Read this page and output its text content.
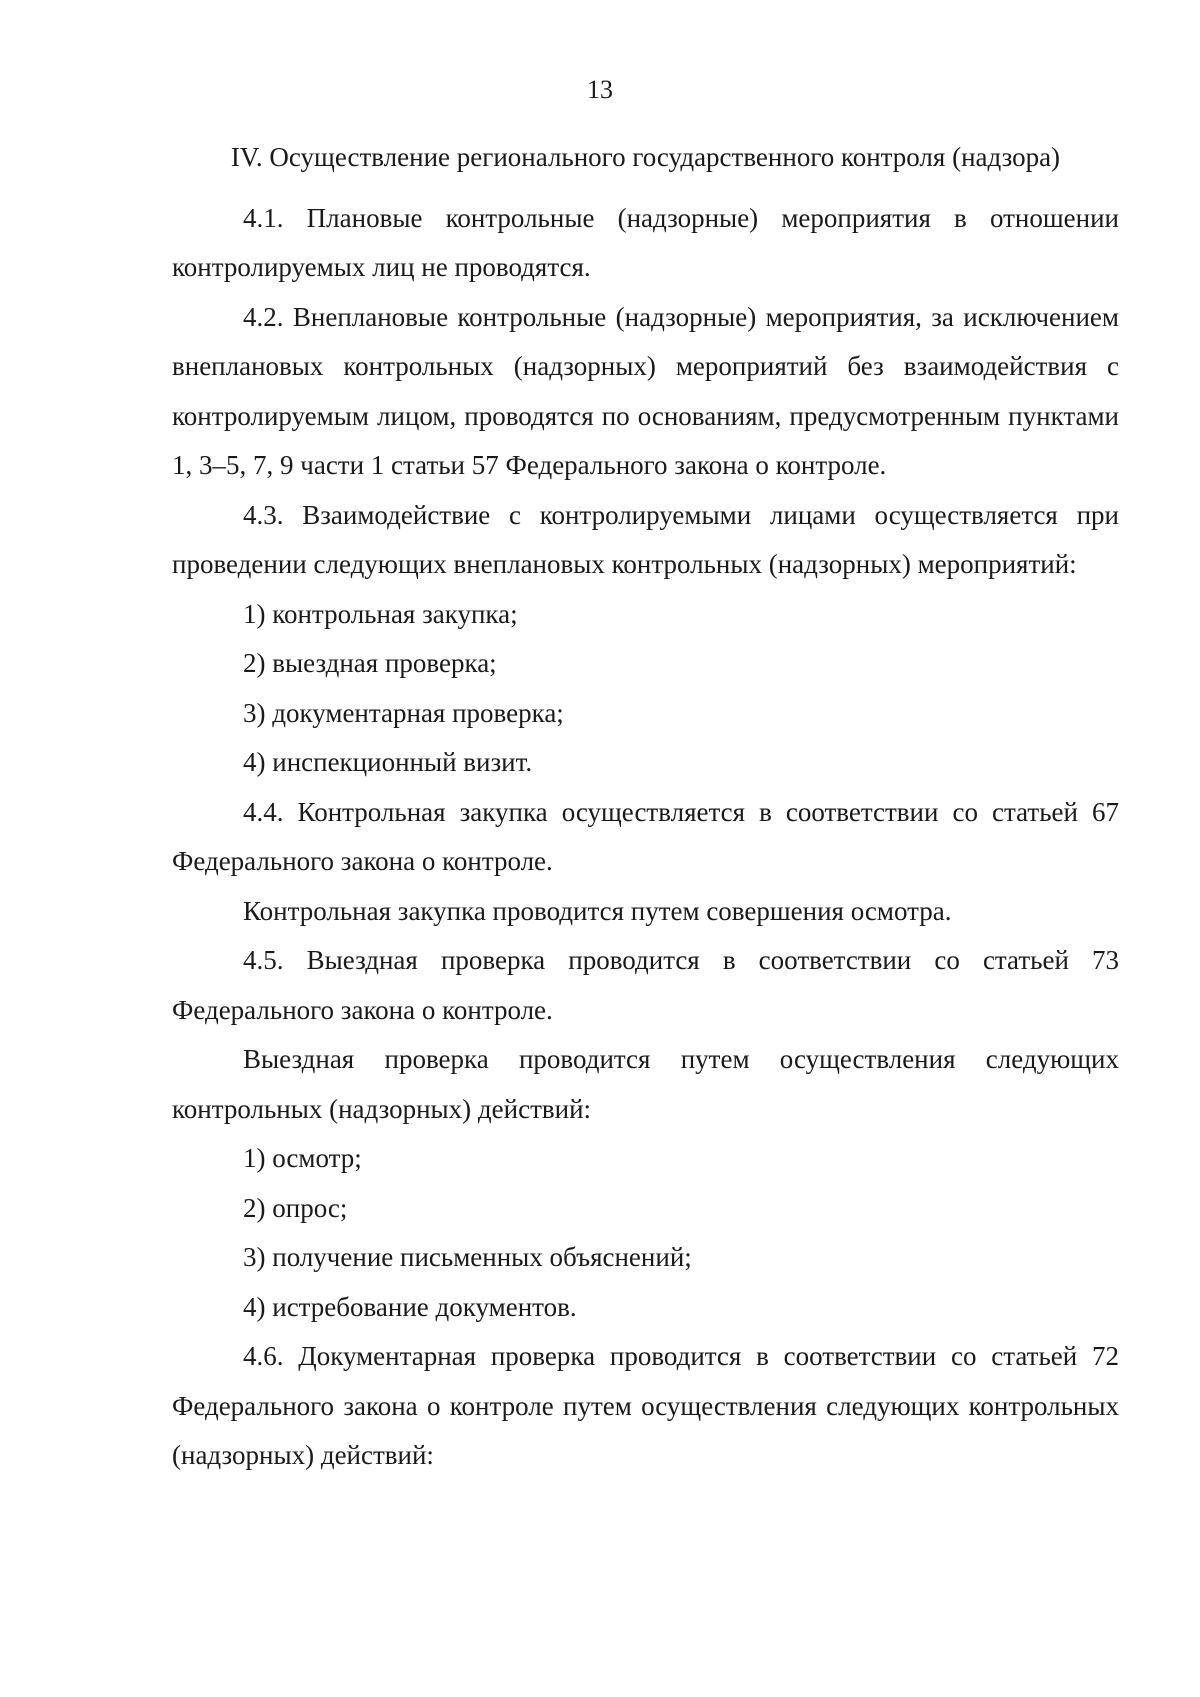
13
IV. Осуществление регионального государственного контроля (надзора)

4.1. Плановые контрольные (надзорные) мероприятия в отношении контролируемых лиц не проводятся.

4.2. Внеплановые контрольные (надзорные) мероприятия, за исключением внеплановых контрольных (надзорных) мероприятий без взаимодействия с контролируемым лицом, проводятся по основаниям, предусмотренным пунктами 1, 3–5, 7, 9 части 1 статьи 57 Федерального закона о контроле.

4.3. Взаимодействие с контролируемыми лицами осуществляется при проведении следующих внеплановых контрольных (надзорных) мероприятий:

1) контрольная закупка;

2) выездная проверка;

3) документарная проверка;

4) инспекционный визит.

4.4. Контрольная закупка осуществляется в соответствии со статьей 67 Федерального закона о контроле.

Контрольная закупка проводится путем совершения осмотра.

4.5. Выездная проверка проводится в соответствии со статьей 73 Федерального закона о контроле.

Выездная проверка проводится путем осуществления следующих контрольных (надзорных) действий:

1) осмотр;

2) опрос;

3) получение письменных объяснений;

4) истребование документов.

4.6. Документарная проверка проводится в соответствии со статьей 72 Федерального закона о контроле путем осуществления следующих контрольных (надзорных) действий:
